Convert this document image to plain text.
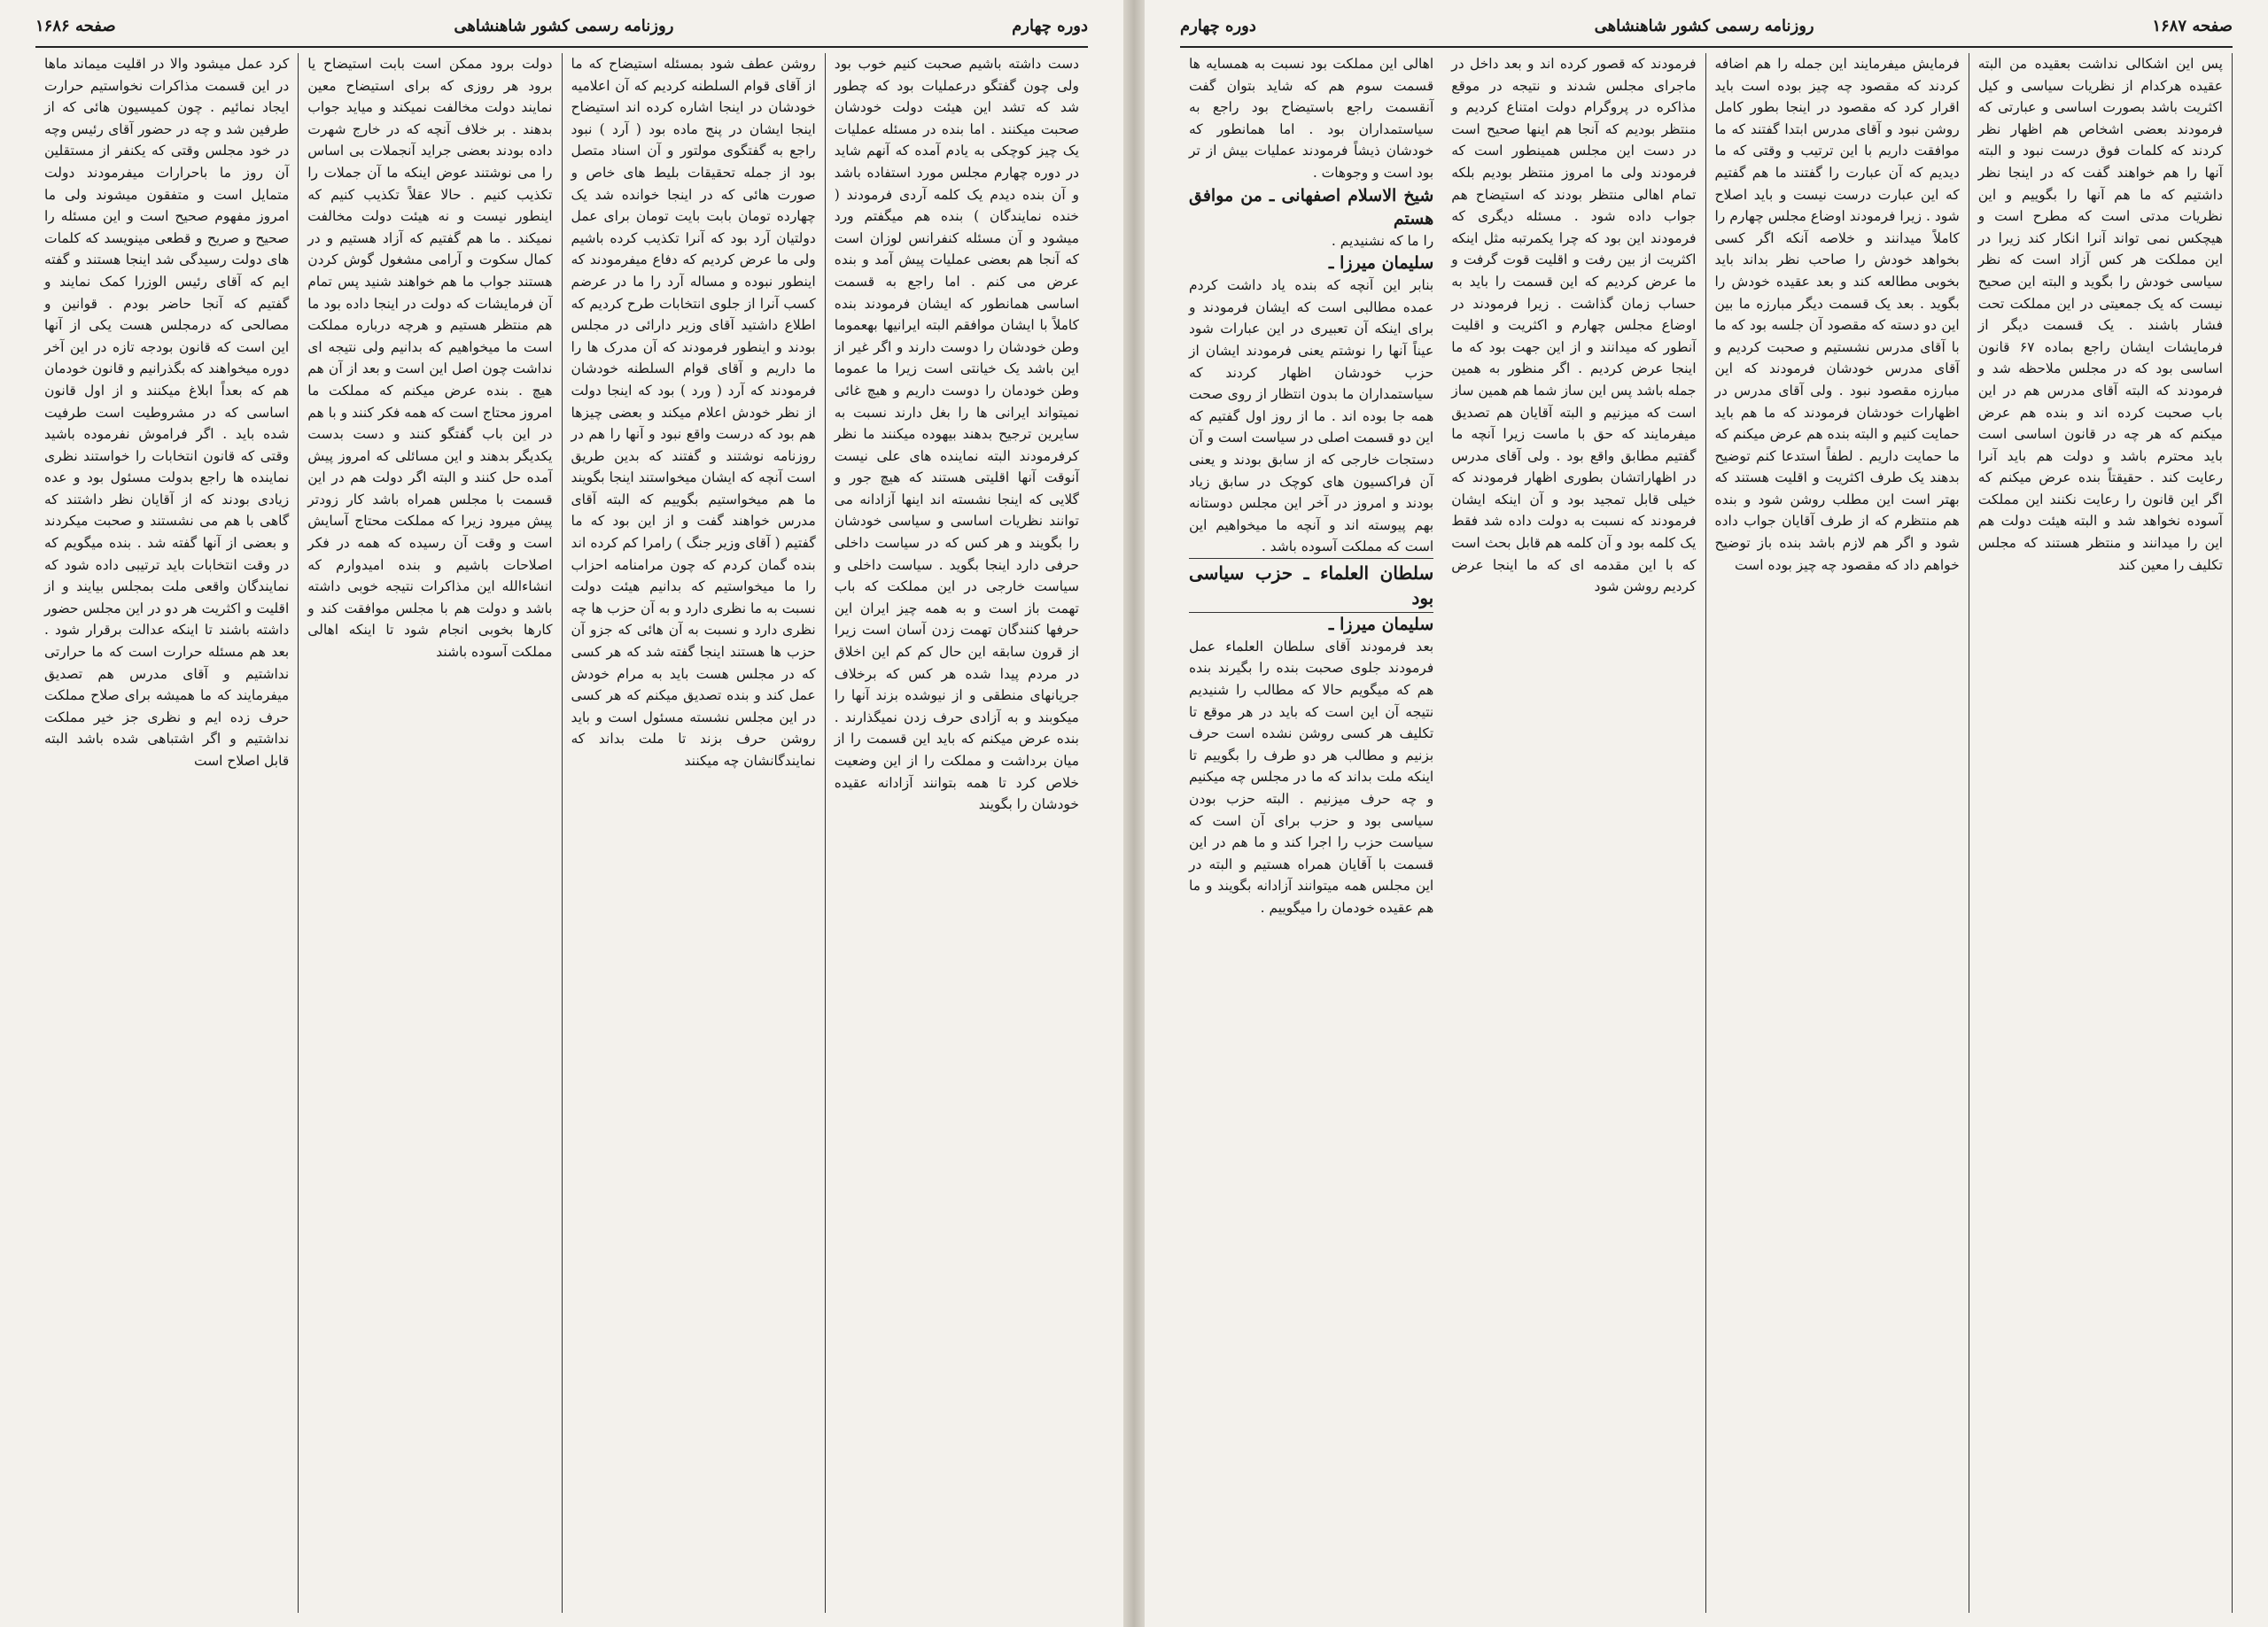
دوره چهارم
روزنامه رسمی کشور شاهنشاهی
صفحه ۱۶۸۶

دست داشته باشیم صحبت کنیم خوب بود ولی چون گفتگو درعملیات بود که چطور شد که تشد این هیئت دولت خودشان صحبت میکنند . اما بنده در مسئله عملیات یک چیز کوچکی به یادم آمده که آنهم شاید در دوره چهارم مجلس مورد استفاده باشد و آن بنده دیدم یک کلمه آردی فرمودند ( خنده نمایندگان ) بنده هم میگفتم ورد میشود و آن مسئله کنفرانس لوزان است که آنجا هم بعضی عملیات پیش آمد و بنده عرض می کنم . اما راجع به قسمت اساسی همانطور که ایشان فرمودند بنده کاملاً با ایشان موافقم البته ایرانیها بهعموما وطن خودشان را دوست دارند و اگر غیر از این باشد یک خیانتی است زیرا ما عموما وطن خودمان را دوست داریم و هیچ غائی نمیتواند ایرانی ها را بغل دارند نسبت به سایرین ترجیح بدهند بیهوده میکنند ما نظر کرفرمودند البته نماینده های علی نیست آنوقت آنها اقلیتی هستند که هیچ جور و گلایی که اینجا نشسته اند اینها آزادانه می توانند نظریات اساسی و سیاسی خودشان را بگویند و هر کس که در سیاست داخلی حرفی دارد اینجا بگوید . سیاست داخلی و سیاست خارجی در این مملکت که باب تهمت باز است و به همه چیز ایران این حرفها کنندگان تهمت زدن آسان است زیرا از قرون سابقه این حال کم کم این اخلاق در مردم پیدا شده هر کس که برخلاف جریانهای منطقی و از نیوشده بزند آنها را میکوبند و به آزادی حرف زدن نمیگذارند . بنده عرض میکنم که باید این قسمت را از میان برداشت و مملکت را از این وضعیت خلاص کرد تا همه بتوانند آزادانه عقیده خودشان را بگویند

روشن عطف شود بمسئله استیضاح که ما از آقای قوام السلطنه کردیم که آن اعلامیه خودشان در اینجا اشاره کرده اند استیضاح اینجا ایشان در پنج ماده بود ( آرد ) نبود راجع به گفتگوی مولتور و آن اسناد متصل بود از جمله تحقیقات بلیط های خاص و صورت هائی که در اینجا خوانده شد یک چهارده تومان بابت بایت تومان برای عمل دولتیان آرد بود که آنرا تکذیب کرده باشیم ولی ما عرض کردیم که دفاع میفرمودند که اینطور نبوده و مساله آرد را ما در عرضم کسب آنرا از جلوی انتخابات طرح کردیم که اطلاع داشتید آقای وزیر دارائی در مجلس بودند و اینطور فرمودند که آن مدرک ها را ما داریم و آقای قوام السلطنه خودشان فرمودند که آرد ( ورد ) بود که اینجا دولت از نظر خودش اعلام میکند و بعضی چیزها هم بود که درست واقع نبود و آنها را هم در روزنامه نوشتند و گفتند که بدین طریق است آنچه که ایشان میخواستند اینجا بگویند ما هم میخواستیم بگوییم که البته آقای مدرس خواهند گفت و از این بود که ما گفتیم ( آقای وزیر جنگ ) رامرا کم کرده اند بنده گمان کردم که چون مرامنامه احزاب را ما میخواستیم که بدانیم هیئت دولت نسبت به ما نظری دارد و به آن حزب ها چه نظری دارد و نسبت به آن هائی که جزو آن حزب ها هستند اینجا گفته شد که هر کسی که در مجلس هست باید به مرام خودش عمل کند و بنده تصدیق میکنم که هر کسی در این مجلس نشسته مسئول است و باید روشن حرف بزند تا ملت بداند که نمایندگانشان چه میکنند

دولت برود ممکن است بابت استیضاح یا برود هر روزی که برای استیضاح معین نمایند دولت مخالفت نمیکند و میاید جواب بدهند . بر خلاف آنچه که در خارج شهرت داده بودند بعضی جراید آنجملات بی اساس را می نوشتند عوض اینکه ما آن جملات را تکذیب کنیم . حالا عقلاً تکذیب کنیم که اینطور نیست و نه هیئت دولت مخالفت نمیکند . ما هم گفتیم که آزاد هستیم و در کمال سکوت و آرامی مشغول گوش کردن هستند جواب ما هم خواهند شنید پس تمام آن فرمایشات که دولت در اینجا داده بود ما هم منتظر هستیم و هرچه درباره مملکت است ما میخواهیم که بدانیم ولی نتیجه ای نداشت چون اصل این است و بعد از آن هم هیچ . بنده عرض میکنم که مملکت ما امروز محتاج است که همه فکر کنند و با هم در این باب گفتگو کنند و دست بدست یکدیگر بدهند و این مسائلی که امروز پیش آمده حل کنند و البته اگر دولت هم در این قسمت با مجلس همراه باشد کار زودتر پیش میرود زیرا که مملکت محتاج آسایش است و وقت آن رسیده که همه در فکر اصلاحات باشیم و بنده امیدوارم که انشاءالله این مذاکرات نتیجه خوبی داشته باشد و دولت هم با مجلس موافقت کند و کارها بخوبی انجام شود تا اینکه اهالی مملکت آسوده باشند

کرد عمل میشود والا در اقلیت میماند ماها در این قسمت مذاکرات نخواستیم حرارت ایجاد نمائیم . چون کمیسیون هائی که از طرفین شد و چه در حضور آقای رئیس وچه در خود مجلس وقتی که یکنفر از مستقلین آن روز ما باحرارات میفرمودند دولت متمایل است و متفقون میشوند ولی ما امروز مفهوم صحیح است و این مسئله را صحیح و صریح و قطعی مینویسد که کلمات های دولت رسیدگی شد اینجا هستند و گفته ایم که آقای رئیس الوزرا کمک نمایند و گفتیم که آنجا حاضر بودم . قوانین و مصالحی که درمجلس هست یکی از آنها این است که قانون بودجه تازه در این آخر دوره میخواهند که بگذرانیم و قانون خودمان هم که بعداً ابلاغ میکنند و از اول قانون اساسی که در مشروطیت است طرفیت شده باید . اگر فراموش نفرموده باشید وقتی که قانون انتخابات را خواستند نظری نماینده ها راجع بدولت مسئول بود و عده زیادی بودند که از آقایان نظر داشتند که گاهی با هم می نشستند و صحبت میکردند و بعضی از آنها گفته شد . بنده میگویم که در وقت انتخابات باید ترتیبی داده شود که نمایندگان واقعی ملت بمجلس بیایند و از اقلیت و اکثریت هر دو در این مجلس حضور داشته باشند تا اینکه عدالت برقرار شود . بعد هم مسئله حرارت است که ما حرارتی نداشتیم و آقای مدرس هم تصدیق میفرمایند که ما همیشه برای صلاح مملکت حرف زده ایم و نظری جز خیر مملکت نداشتیم و اگر اشتباهی شده باشد البته قابل اصلاح است

صفحه ۱۶۸۷
روزنامه رسمی کشور شاهنشاهی
دوره چهارم

اهالی این مملکت بود نسبت به همسایه ها قسمت سوم هم که شاید بتوان گفت آنقسمت راجع باستیضاح بود راجع به سیاستمداران بود . اما همانطور که خودشان ذیشاً فرمودند عملیات بیش از تر بود است و وجوهات .

شیخ الاسلام اصفهانی ـ من موافق هستم

را ما که نشنیدیم .

سلیمان میرزا ـ

بنابر این آنچه که بنده یاد داشت کردم عمده مطالبی است که ایشان فرمودند و برای اینکه آن تعبیری در این عبارات شود عیناً آنها را نوشتم یعنی فرمودند ایشان از حزب خودشان اظهار کردند که سیاستمداران ما بدون انتظار از روی صحت همه جا بوده اند . ما از روز اول گفتیم که این دو قسمت اصلی در سیاست است و آن دستجات خارجی که از سابق بودند و یعنی آن فراکسیون های کوچک در سابق زیاد بودند و امروز در آخر این مجلس دوستانه بهم پیوسته اند و آنچه ما میخواهیم این است که مملکت آسوده باشد .

سلطان العلماء ـ حزب سیاسی بود

سلیمان میرزا ـ

بعد فرمودند آقای سلطان العلماء عمل فرمودند جلوی صحبت بنده را بگیرند بنده هم که میگویم حالا که مطالب را شنیدیم نتیجه آن این است که باید در هر موقع تا تکلیف هر کسی روشن نشده است حرف بزنیم و مطالب هر دو طرف را بگوییم تا اینکه ملت بداند که ما در مجلس چه میکنیم و چه حرف میزنیم . البته حزب بودن سیاسی بود و حزب برای آن است که سیاست حزب را اجرا کند و ما هم در این قسمت با آقایان همراه هستیم و البته در این مجلس همه میتوانند آزادانه بگویند و ما هم عقیده خودمان را میگوییم .

فرمودند که قصور کرده اند و بعد داخل در ماجرای مجلس شدند و نتیجه در موقع مذاکره در پروگرام دولت امتناع کردیم و منتظر بودیم که آنجا هم اینها صحیح است در دست این مجلس همینطور است که فرمودند ولی ما امروز منتظر بودیم بلکه تمام اهالی منتظر بودند که استیضاح هم جواب داده شود . مسئله دیگری که فرمودند این بود که چرا یکمرتبه مثل اینکه اکثریت از بین رفت و اقلیت قوت گرفت و ما عرض کردیم که این قسمت را باید به حساب زمان گذاشت . زیرا فرمودند در اوضاع مجلس چهارم و اکثریت و اقلیت آنطور که میدانند و از این جهت بود که ما اینجا عرض کردیم . اگر منظور به همین جمله باشد پس این ساز شما هم همین ساز است که میزنیم و البته آقایان هم تصدیق میفرمایند که حق با ماست زیرا آنچه ما گفتیم مطابق واقع بود . ولی آقای مدرس در اظهاراتشان بطوری اظهار فرمودند که خیلی قابل تمجید بود و آن اینکه ایشان فرمودند که نسبت به دولت داده شد فقط یک کلمه بود و آن کلمه هم قابل بحث است که با این مقدمه ای که ما اینجا عرض کردیم روشن شود

فرمایش میفرمایند این جمله را هم اضافه کردند که مقصود چه چیز بوده است باید اقرار کرد که مقصود در اینجا بطور کامل روشن نبود و آقای مدرس ابتدا گفتند که ما موافقت داریم با این ترتیب و وقتی که ما دیدیم که آن عبارت را گفتند ما هم گفتیم که این عبارت درست نیست و باید اصلاح شود . زیرا فرمودند اوضاع مجلس چهارم را کاملاً میدانند و خلاصه آنکه اگر کسی بخواهد خودش را صاحب نظر بداند باید بخوبی مطالعه کند و بعد عقیده خودش را بگوید . بعد یک قسمت دیگر مبارزه ما بین این دو دسته که مقصود آن جلسه بود که ما با آقای مدرس نشستیم و صحبت کردیم و آقای مدرس خودشان فرمودند که این مبارزه مقصود نبود . ولی آقای مدرس در اظهارات خودشان فرمودند که ما هم باید حمایت کنیم و البته بنده هم عرض میکنم که ما حمایت داریم . لطفاً استدعا کنم توضیح بدهند یک طرف اکثریت و اقلیت هستند که بهتر است این مطلب روشن شود و بنده هم منتظرم که از طرف آقایان جواب داده شود و اگر هم لازم باشد بنده باز توضیح خواهم داد که مقصود چه چیز بوده است

پس این اشکالی نداشت بعقیده من البته عقیده هرکدام از نظریات سیاسی و کیل اکثریت باشد بصورت اساسی و عبارتی که فرمودند بعضی اشخاص هم اظهار نظر کردند که کلمات فوق درست نبود و البته آنها را هم خواهند گفت که در اینجا نظر داشتیم که ما هم آنها را بگوییم و این نظریات مدتی است که مطرح است و هیچکس نمی تواند آنرا انکار کند زیرا در این مملکت هر کس آزاد است که نظر سیاسی خودش را بگوید و البته این صحیح نیست که یک جمعیتی در این مملکت تحت فشار باشند . یک قسمت دیگر از فرمایشات ایشان راجع بماده ۶۷ قانون اساسی بود که در مجلس ملاحظه شد و فرمودند که البته آقای مدرس هم در این باب صحبت کرده اند و بنده هم عرض میکنم که هر چه در قانون اساسی است باید محترم باشد و دولت هم باید آنرا رعایت کند . حقیقتاً بنده عرض میکنم که اگر این قانون را رعایت نکنند این مملکت آسوده نخواهد شد و البته هیئت دولت هم این را میدانند و منتظر هستند که مجلس تکلیف را معین کند
